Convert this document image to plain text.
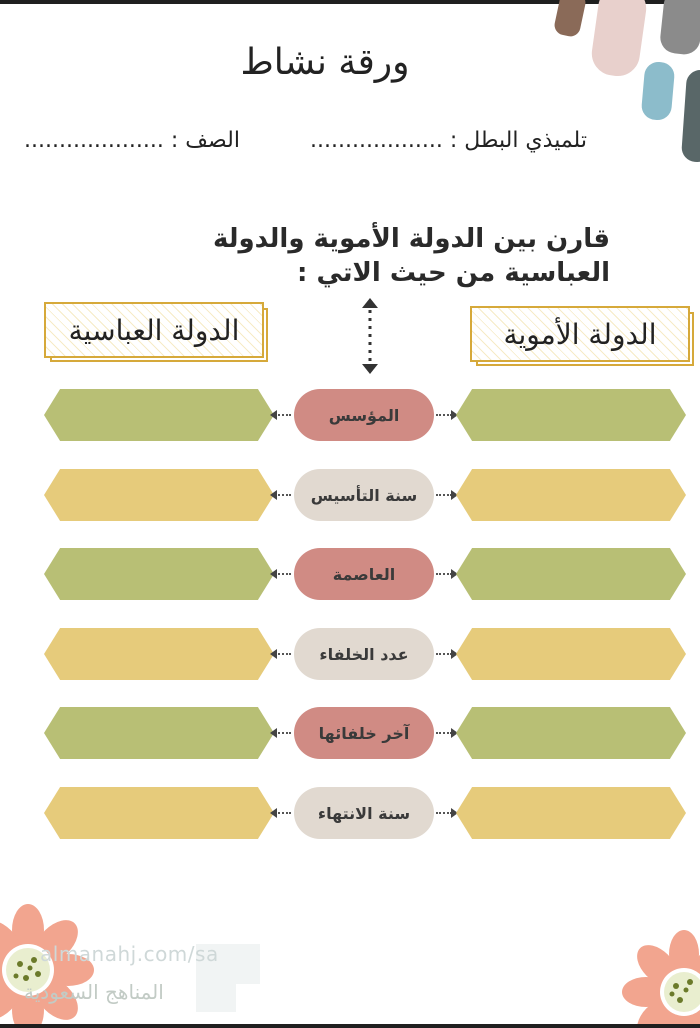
ورقة نشاط
تلميذي البطل : ...................
الصف : ....................
قارن بين الدولة الأموية والدولة العباسية من حيث الاتي :
الدولة العباسية	الدولة الأموية
المؤسس
سنة التأسيس
العاصمة
عدد الخلفاء
آخر خلفائها
سنة الانتهاء
almanahj.com/sa
المناهج السعودية
